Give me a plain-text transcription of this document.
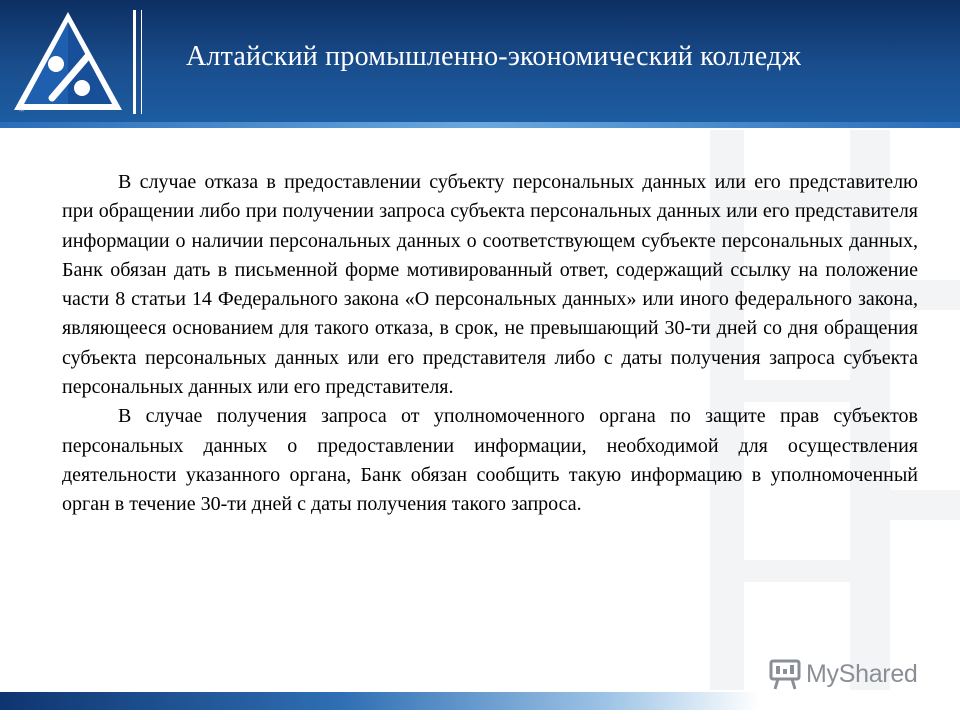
™
Алтайский промышленно-экономический колледж

В случае отказа в предоставлении субъекту персональных данных или его представителю при обращении либо при получении запроса субъекта персональных данных или его представителя информации о наличии персональных данных о соответствующем субъекте персональных данных, Банк обязан дать в письменной форме мотивированный ответ, содержащий ссылку на положение части 8 статьи 14 Федерального закона «О персональных данных» или иного федерального закона, являющееся основанием для такого отказа, в срок, не превышающий 30-ти дней со дня обращения субъекта персональных данных или его представителя либо с даты получения запроса субъекта персональных данных или его представителя.

В случае получения запроса от уполномоченного органа по защите прав субъектов персональных данных о предоставлении информации, необходимой для осуществления деятельности указанного органа, Банк обязан сообщить такую информацию в уполномоченный орган в течение 30-ти дней с даты получения такого запроса.

MyShared
